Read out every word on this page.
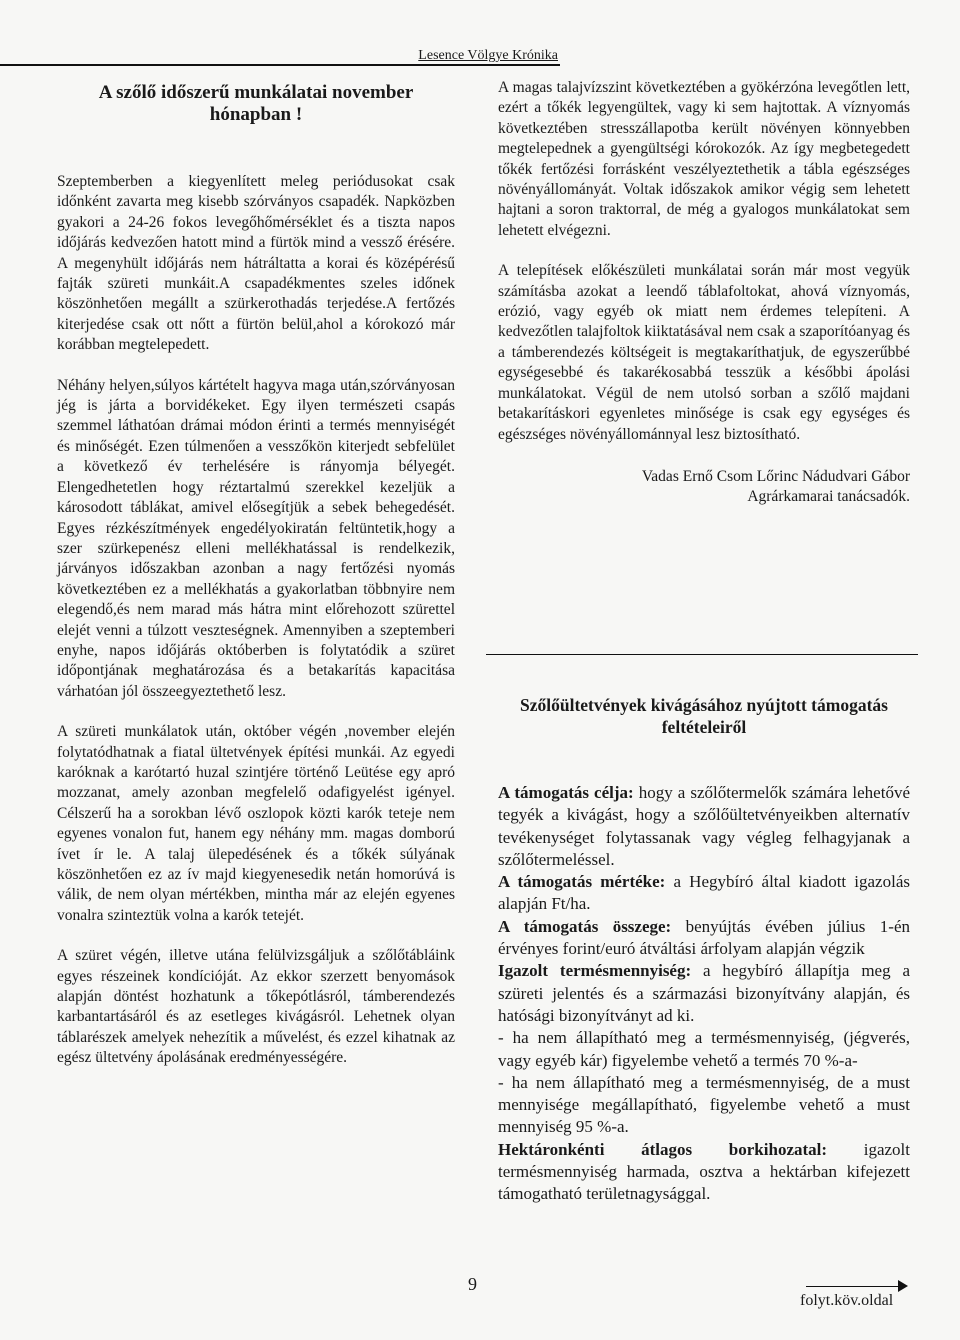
Lesence Völgye Krónika
A szőlő időszerű munkálatai november hónapban !

Szeptemberben a kiegyenlített meleg periódusokat csak időnként zavarta meg kisebb szórványos csapadék. Napközben gyakori a 24-26 fokos levegőhőmérséklet és a tiszta napos időjárás kedvezően hatott mind a fürtök mind a vessző érésére. A megenyhült időjárás nem hátráltatta a korai és középérésű fajták szüreti munkáit.A csapadékmentes szeles időnek köszönhetően megállt a szürkerothadás terjedése.A fertőzés kiterjedése csak ott nőtt a fürtön belül,ahol a kórokozó már korábban megtelepedett.

Néhány helyen,súlyos kártételt hagyva maga után,szórványosan jég is járta a borvidékeket. Egy ilyen természeti csapás szemmel láthatóan drámai módon érinti a termés mennyiségét és minőségét. Ezen túlmenően a vesszőkön kiterjedt sebfelület a következő év terhelésére is rányomja bélyegét. Elengedhetetlen hogy réztartalmú szerekkel kezeljük a károsodott táblákat, amivel elősegítjük a sebek behegedését. Egyes rézkészítmények engedélyokiratán feltüntetik,hogy a szer szürkepenész elleni mellékhatással is rendelkezik, járványos időszakban azonban a nagy fertőzési nyomás következtében ez a mellékhatás a gyakorlatban többnyire nem elegendő,és nem marad más hátra mint előrehozott szürettel elejét venni a túlzott veszteségnek. Amennyiben a szeptemberi enyhe, napos időjárás októberben is folytatódik a szüret időpontjának meghatározása és a betakarítás kapacitása várhatóan jól összeegyeztethető lesz.

A szüreti munkálatok után, október végén ,november elején folytatódhatnak a fiatal ültetvények építési munkái. Az egyedi karóknak a karótartó huzal szintjére történő Leütése egy apró mozzanat, amely azonban megfelelő odafigyelést igényel. Célszerű ha a sorokban lévő oszlopok közti karók teteje nem egyenes vonalon fut, hanem egy néhány mm. magas domború ívet ír le. A talaj ülepedésének és a tőkék súlyának köszönhetően ez az ív majd kiegyenesedik netán homorúvá is válik, de nem olyan mértékben, mintha már az elején egyenes vonalra szinteztük volna a karók tetejét.

A szüret végén, illetve utána felülvizsgáljuk a szőlőtábláink egyes részeinek kondícióját. Az ekkor szerzett benyomások alapján döntést hozhatunk a tőkepótlásról, támberendezés karbantartásáról és az esetleges kivágásról. Lehetnek olyan táblarészek amelyek nehezítik a művelést, és ezzel kihatnak az egész ültetvény ápolásának eredményességére.

A magas talajvízszint következtében a gyökérzóna levegőtlen lett, ezért a tőkék legyengültek, vagy ki sem hajtottak. A víznyomás következtében stresszállapotba került növényen könnyebben megtelepednek a gyengültségi kórokozók. Az így megbetegedett tőkék fertőzési forrásként veszélyeztethetik a tábla egészséges növényállományát. Voltak időszakok amikor végig sem lehetett hajtani a soron traktorral, de még a gyalogos munkálatokat sem lehetett elvégezni.

A telepítések előkészületi munkálatai során már most vegyük számításba azokat a leendő táblafoltokat, ahová víznyomás, erózió, vagy egyéb ok miatt nem érdemes telepíteni. A kedvezőtlen talajfoltok kiiktatásával nem csak a szaporítóanyag és a támberendezés költségeit is megtakaríthatjuk, de egyszerűbbé egységesebbé és takarékosabbá tesszük a későbbi ápolási munkálatokat. Végül de nem utolsó sorban a szőlő majdani betakarításkori egyenletes minősége is csak egy egységes és egészséges növényállománnyal lesz biztosítható.

Vadas Ernő Csom Lőrinc Nádudvari Gábor
Agrárkamarai tanácsadók.
Szőlőültetvények kivágásához nyújtott támogatás feltételeiről

A támogatás célja: hogy a szőlőtermelők számára lehetővé tegyék a kivágást, hogy a szőlőültetvényeikben alternatív tevékenységet folytassanak vagy végleg felhagyjanak a szőlőtermeléssel.

A támogatás mértéke: a Hegybíró által kiadott igazolás alapján Ft/ha.

A támogatás összege: benyújtás évében július 1-én érvényes forint/euró átváltási árfolyam alapján végzik

Igazolt termésmennyiség: a hegybíró állapítja meg a szüreti jelentés és a származási bizonyítvány alapján, és hatósági bizonyítványt ad ki.

- ha nem állapítható meg a termésmennyiség, (jégverés, vagy egyéb kár) figyelembe vehető a termés 70 %-a-

- ha nem állapítható meg a termésmennyiség, de a must mennyisége megállapítható, figyelembe vehető a must mennyiség 95 %-a.

Hektáronkénti átlagos borkihozatal: igazolt termésmennyiség harmada, osztva a hektárban kifejezett támogatható területnagysággal.

9
folyt.köv.oldal
